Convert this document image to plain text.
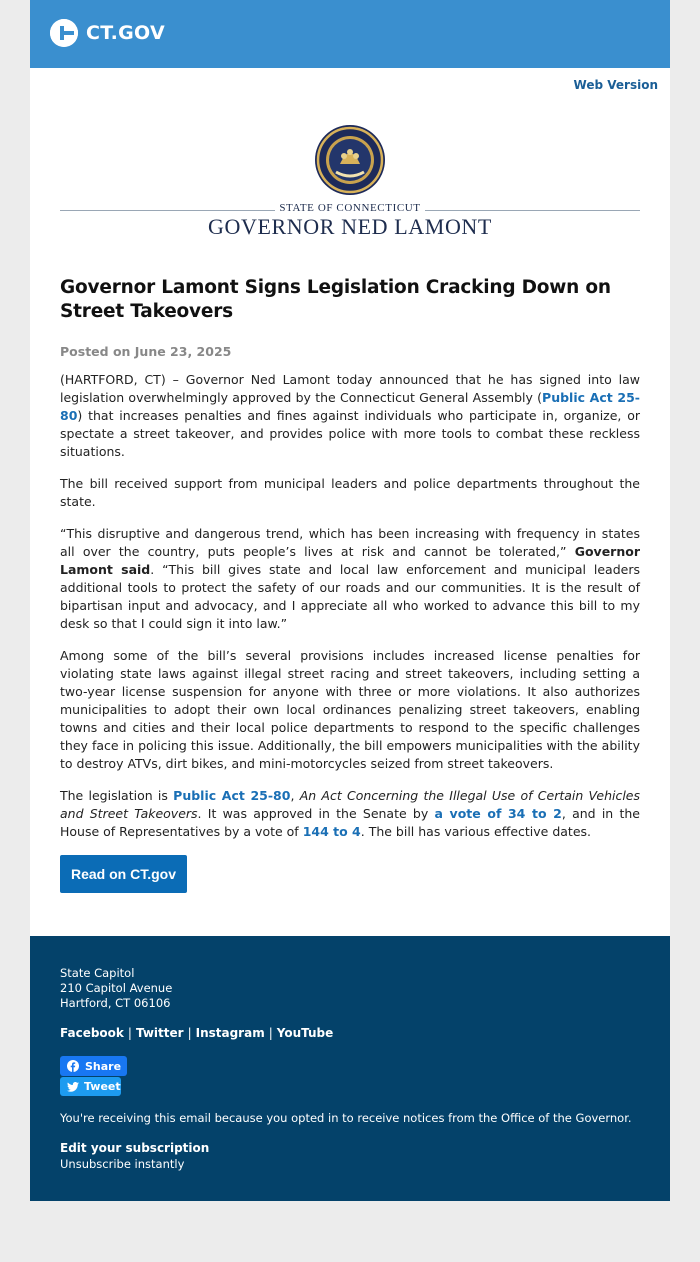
CT.GOV
Web Version
STATE OF CONNECTICUT
GOVERNOR NED LAMONT
Governor Lamont Signs Legislation Cracking Down on Street Takeovers
Posted on June 23, 2025

(HARTFORD, CT) – Governor Ned Lamont today announced that he has signed into law legislation overwhelmingly approved by the Connecticut General Assembly (Public Act 25-80) that increases penalties and fines against individuals who participate in, organize, or spectate a street takeover, and provides police with more tools to combat these reckless situations.

The bill received support from municipal leaders and police departments throughout the state.

“This disruptive and dangerous trend, which has been increasing with frequency in states all over the country, puts people’s lives at risk and cannot be tolerated,” Governor Lamont said. “This bill gives state and local law enforcement and municipal leaders additional tools to protect the safety of our roads and our communities. It is the result of bipartisan input and advocacy, and I appreciate all who worked to advance this bill to my desk so that I could sign it into law.”

Among some of the bill’s several provisions includes increased license penalties for violating state laws against illegal street racing and street takeovers, including setting a two-year license suspension for anyone with three or more violations. It also authorizes municipalities to adopt their own local ordinances penalizing street takeovers, enabling towns and cities and their local police departments to respond to the specific challenges they face in policing this issue. Additionally, the bill empowers municipalities with the ability to destroy ATVs, dirt bikes, and mini-motorcycles seized from street takeovers.

The legislation is Public Act 25-80, An Act Concerning the Illegal Use of Certain Vehicles and Street Takeovers. It was approved in the Senate by a vote of 34 to 2, and in the House of Representatives by a vote of 144 to 4. The bill has various effective dates.

Read on CT.gov
State Capitol
210 Capitol Avenue
Hartford, CT 06106
Facebook | Twitter | Instagram | YouTube
Share
Tweet
You're receiving this email because you opted in to receive notices from the Office of the Governor.
Edit your subscription
Unsubscribe instantly
